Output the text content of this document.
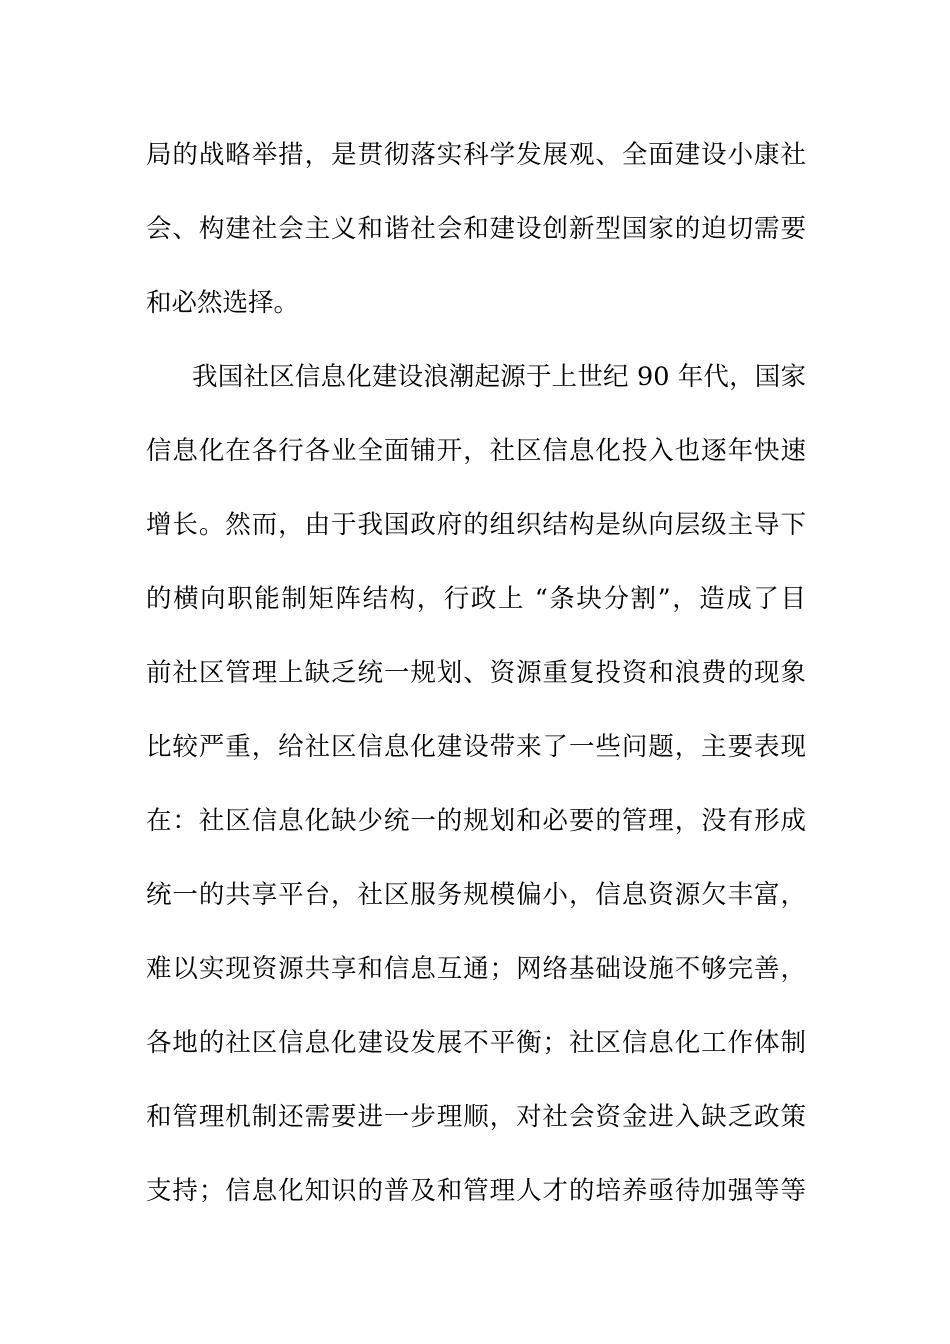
局的战略举措，是贯彻落实科学发展观、全面建设小康社
会、构建社会主义和谐社会和建设创新型国家的迫切需要
和必然选择。
我国社区信息化建设浪潮起源于上世纪 90 年代，国家
信息化在各行各业全面铺开，社区信息化投入也逐年快速
增长。然而，由于我国政府的组织结构是纵向层级主导下
的横向职能制矩阵结构，行政上 “条块分割”，造成了目
前社区管理上缺乏统一规划、资源重复投资和浪费的现象
比较严重，给社区信息化建设带来了一些问题，主要表现
在：社区信息化缺少统一的规划和必要的管理，没有形成
统一的共享平台，社区服务规模偏小，信息资源欠丰富，
难以实现资源共享和信息互通；网络基础设施不够完善，
各地的社区信息化建设发展不平衡；社区信息化工作体制
和管理机制还需要进一步理顺，对社会资金进入缺乏政策
支持；信息化知识的普及和管理人才的培养亟待加强等等
